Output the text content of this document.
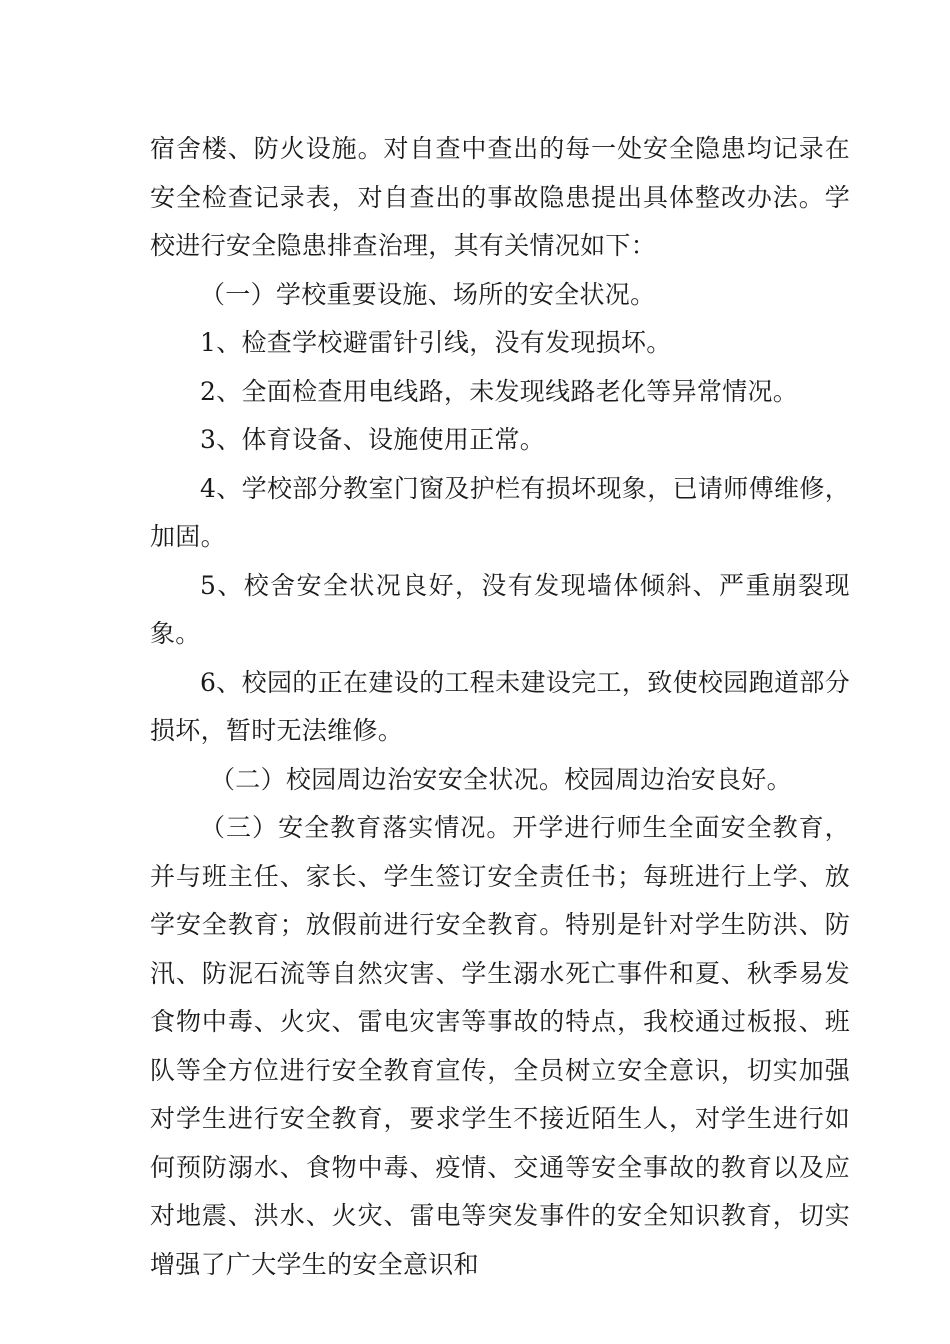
宿舍楼、防火设施。对自查中查出的每一处安全隐患均记录在安全检查记录表，对自查出的事故隐患提出具体整改办法。学校进行安全隐患排查治理，其有关情况如下：

（一）学校重要设施、场所的安全状况。

1、检查学校避雷针引线，没有发现损坏。

2、全面检查用电线路，未发现线路老化等异常情况。

3、体育设备、设施使用正常。

4、学校部分教室门窗及护栏有损坏现象，已请师傅维修，加固。

5、校舍安全状况良好，没有发现墙体倾斜、严重崩裂现象。

6、校园的正在建设的工程未建设完工，致使校园跑道部分损坏，暂时无法维修。

（二）校园周边治安安全状况。校园周边治安良好。

（三）安全教育落实情况。开学进行师生全面安全教育，并与班主任、家长、学生签订安全责任书；每班进行上学、放学安全教育；放假前进行安全教育。特别是针对学生防洪、防汛、防泥石流等自然灾害、学生溺水死亡事件和夏、秋季易发食物中毒、火灾、雷电灾害等事故的特点，我校通过板报、班队等全方位进行安全教育宣传，全员树立安全意识，切实加强对学生进行安全教育，要求学生不接近陌生人，对学生进行如何预防溺水、食物中毒、疫情、交通等安全事故的教育以及应对地震、洪水、火灾、雷电等突发事件的安全知识教育，切实增强了广大学生的安全意识和
